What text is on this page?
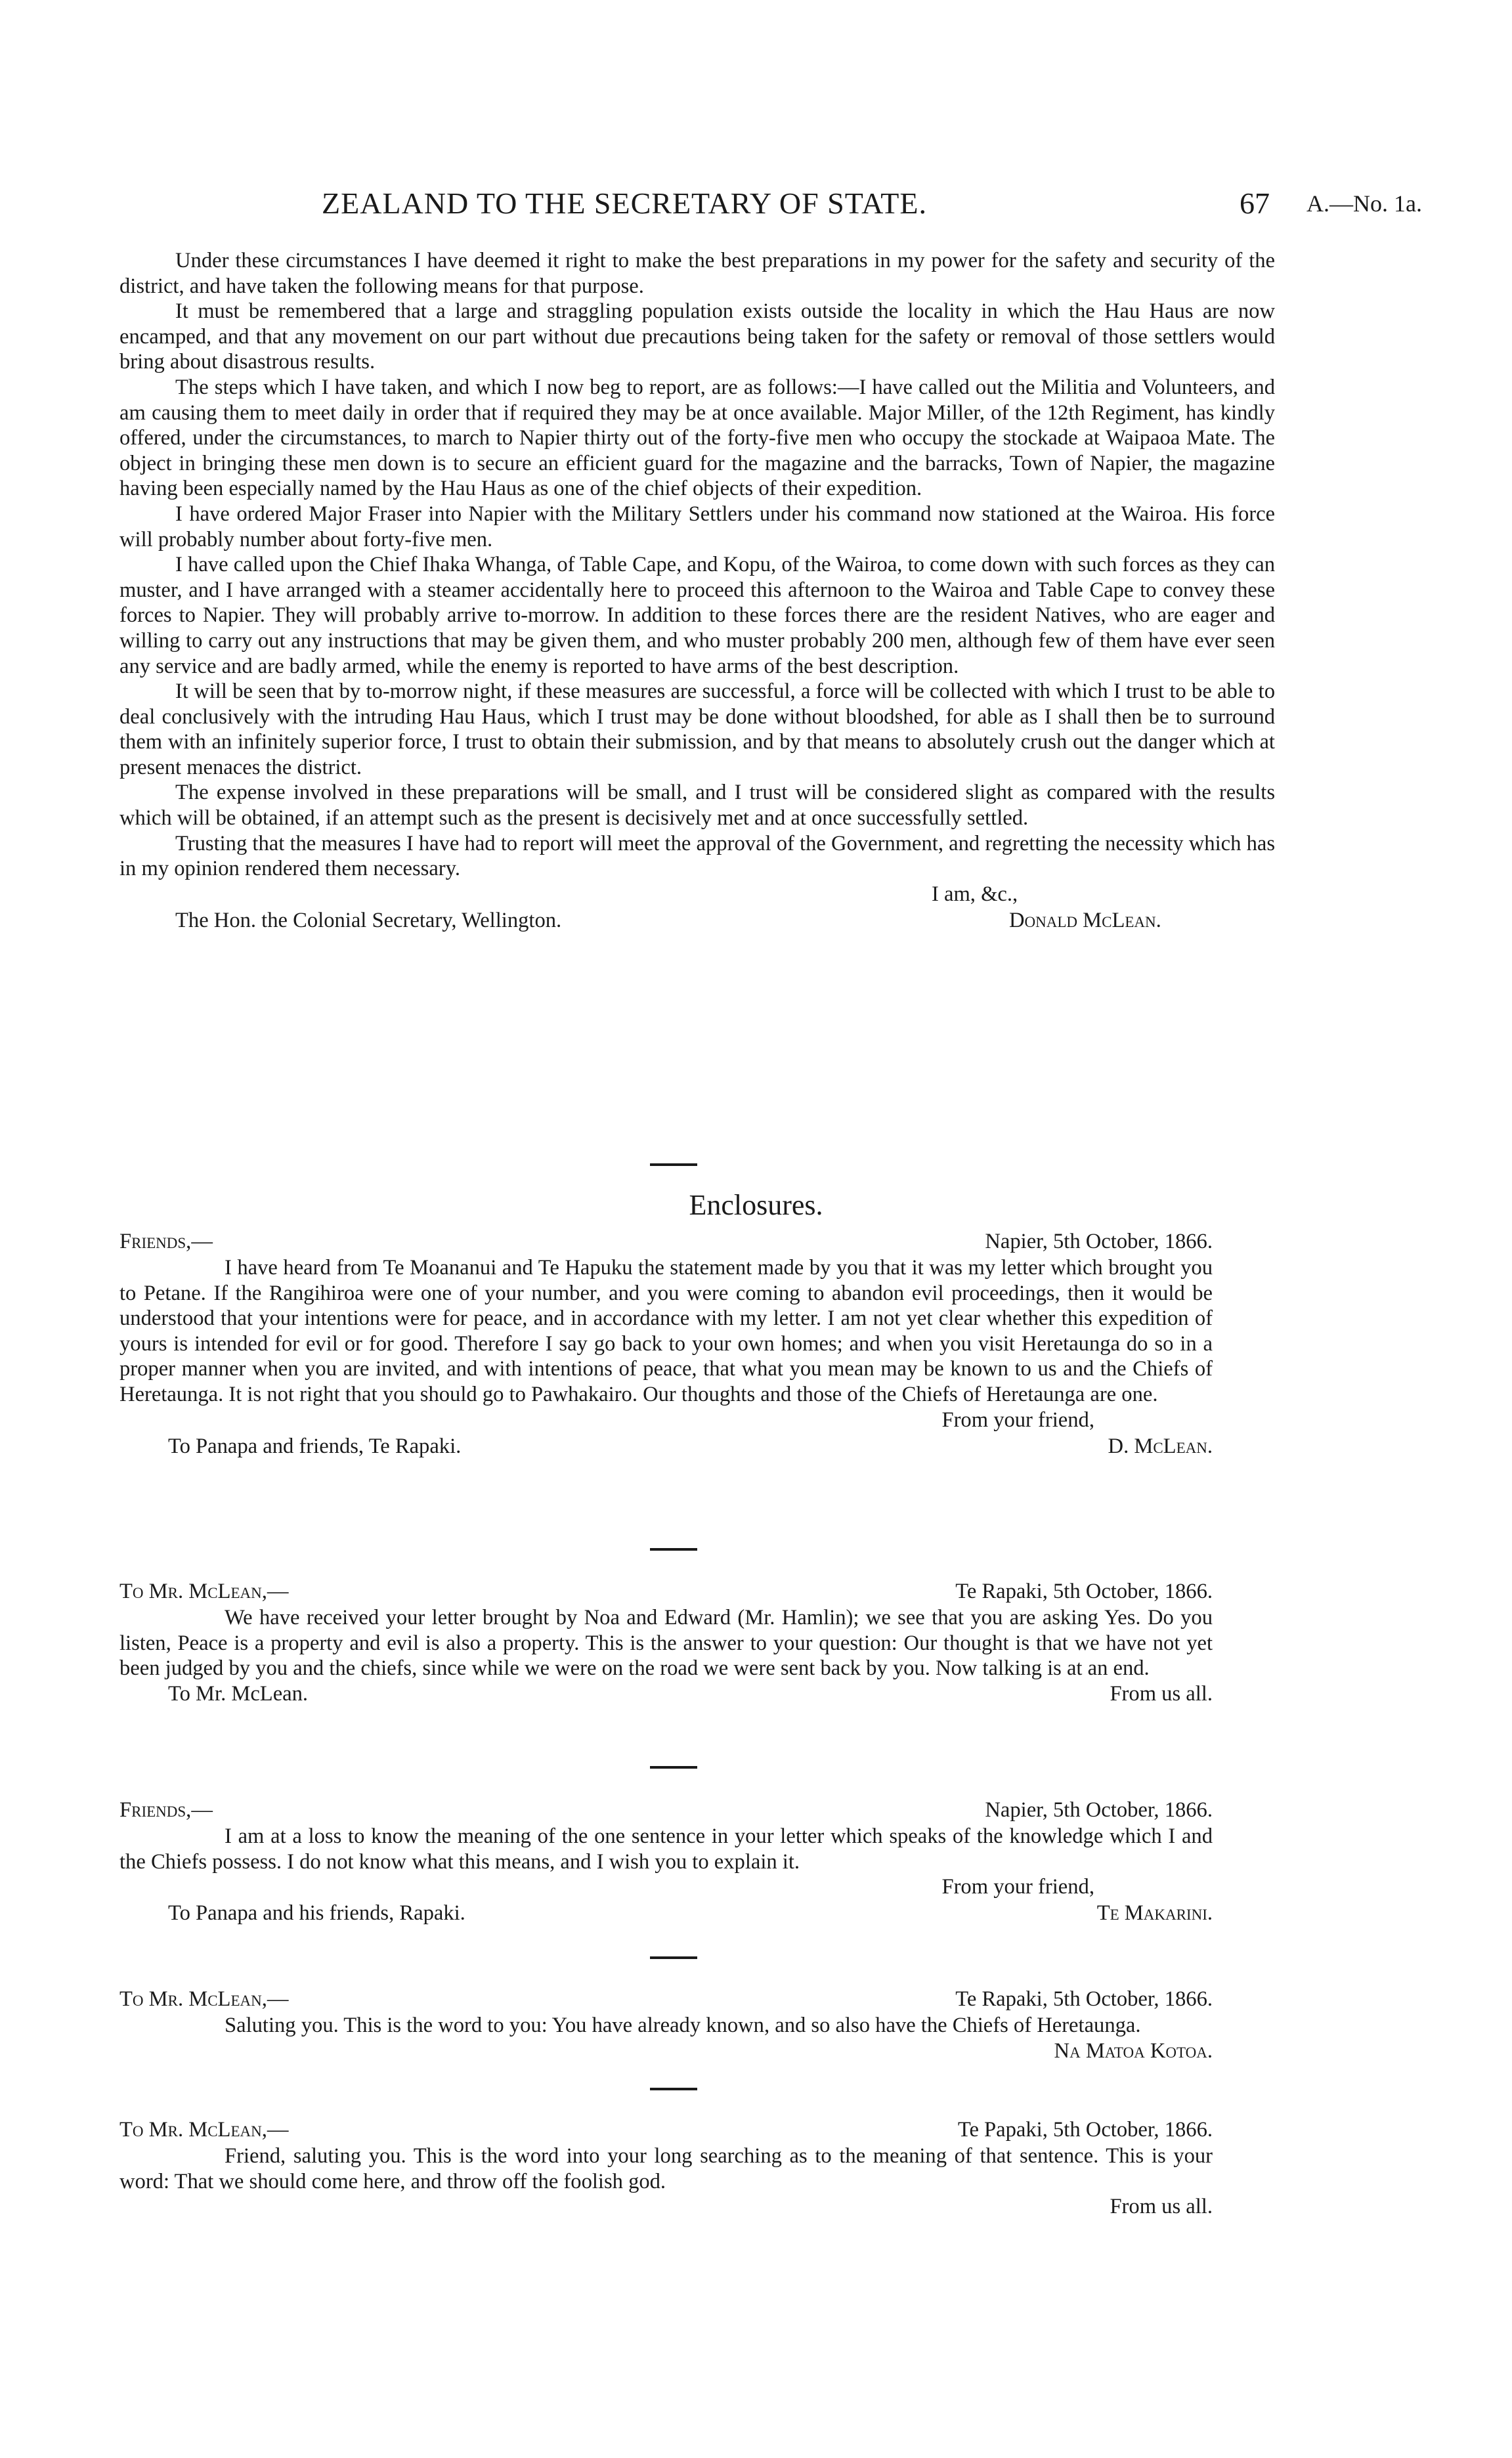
ZEALAND TO THE SECRETARY OF STATE.	67 A.—No. 1a.

Under these circumstances I have deemed it right to make the best preparations in my power for the safety and security of the district, and have taken the following means for that purpose.

It must be remembered that a large and straggling population exists outside the locality in which the Hau Haus are now encamped, and that any movement on our part without due precautions being taken for the safety or removal of those settlers would bring about disastrous results.

The steps which I have taken, and which I now beg to report, are as follows:—I have called out the Militia and Volunteers, and am causing them to meet daily in order that if required they may be at once available. Major Miller, of the 12th Regiment, has kindly offered, under the circumstances, to march to Napier thirty out of the forty-five men who occupy the stockade at Waipaoa Mate. The object in bringing these men down is to secure an efficient guard for the magazine and the barracks, Town of Napier, the magazine having been especially named by the Hau Haus as one of the chief objects of their expedition.

I have ordered Major Fraser into Napier with the Military Settlers under his command now stationed at the Wairoa. His force will probably number about forty-five men.

I have called upon the Chief Ihaka Whanga, of Table Cape, and Kopu, of the Wairoa, to come down with such forces as they can muster, and I have arranged with a steamer accidentally here to proceed this afternoon to the Wairoa and Table Cape to convey these forces to Napier. They will probably arrive to-morrow. In addition to these forces there are the resident Natives, who are eager and willing to carry out any instructions that may be given them, and who muster probably 200 men, although few of them have ever seen any service and are badly armed, while the enemy is reported to have arms of the best description.

It will be seen that by to-morrow night, if these measures are successful, a force will be collected with which I trust to be able to deal conclusively with the intruding Hau Haus, which I trust may be done without bloodshed, for able as I shall then be to surround them with an infinitely superior force, I trust to obtain their submission, and by that means to absolutely crush out the danger which at present menaces the district.

The expense involved in these preparations will be small, and I trust will be considered slight as compared with the results which will be obtained, if an attempt such as the present is decisively met and at once successfully settled.

Trusting that the measures I have had to report will meet the approval of the Government, and regretting the necessity which has in my opinion rendered them necessary.

I am, &c.,
The Hon. the Colonial Secretary, Wellington.	Donald McLean.
Enclosures.
Friends,—	Napier, 5th October, 1866.

I have heard from Te Moananui and Te Hapuku the statement made by you that it was my letter which brought you to Petane. If the Rangihiroa were one of your number, and you were coming to abandon evil proceedings, then it would be understood that your intentions were for peace, and in accordance with my letter. I am not yet clear whether this expedition of yours is intended for evil or for good. Therefore I say go back to your own homes; and when you visit Heretaunga do so in a proper manner when you are invited, and with intentions of peace, that what you mean may be known to us and the Chiefs of Heretaunga. It is not right that you should go to Pawhakairo. Our thoughts and those of the Chiefs of Heretaunga are one.

From your friend,
To Panapa and friends, Te Rapaki.	D. McLean.
To Mr. McLean,—	Te Rapaki, 5th October, 1866.

We have received your letter brought by Noa and Edward (Mr. Hamlin); we see that you are asking Yes. Do you listen, Peace is a property and evil is also a property. This is the answer to your question: Our thought is that we have not yet been judged by you and the chiefs, since while we were on the road we were sent back by you. Now talking is at an end.

To Mr. McLean.	From us all.
Friends,—	Napier, 5th October, 1866.

I am at a loss to know the meaning of the one sentence in your letter which speaks of the knowledge which I and the Chiefs possess. I do not know what this means, and I wish you to explain it.

From your friend,
To Panapa and his friends, Rapaki.	Te Makarini.
To Mr. McLean,—	Te Rapaki, 5th October, 1866.

Saluting you. This is the word to you: You have already known, and so also have the Chiefs of Heretaunga.

Na Matoa Kotoa.
To Mr. McLean,—	Te Papaki, 5th October, 1866.

Friend, saluting you. This is the word into your long searching as to the meaning of that sentence. This is your word: That we should come here, and throw off the foolish god.

From us all.
